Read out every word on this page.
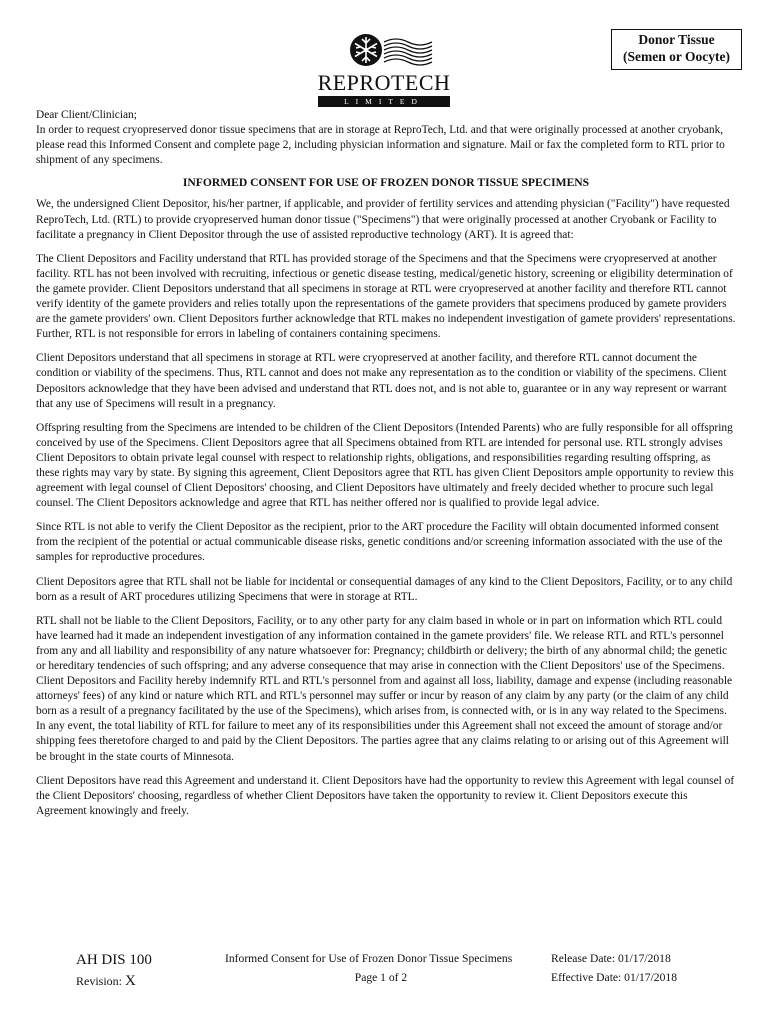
REPROTECH
LIMITED
Donor Tissue
(Semen or Oocyte)

Dear Client/Clinician;

In order to request cryopreserved donor tissue specimens that are in storage at ReproTech, Ltd. and that were originally processed at another cryobank, please read this Informed Consent and complete page 2, including physician information and signature. Mail or fax the completed form to RTL prior to shipment of any specimens.

INFORMED CONSENT FOR USE OF FROZEN DONOR TISSUE SPECIMENS

We, the undersigned Client Depositor, his/her partner, if applicable, and provider of fertility services and attending physician ("Facility") have requested ReproTech, Ltd. (RTL) to provide cryopreserved human donor tissue ("Specimens") that were originally processed at another Cryobank or Facility to facilitate a pregnancy in Client Depositor through the use of assisted reproductive technology (ART). It is agreed that:

The Client Depositors and Facility understand that RTL has provided storage of the Specimens and that the Specimens were cryopreserved at another facility. RTL has not been involved with recruiting, infectious or genetic disease testing, medical/genetic history, screening or eligibility determination of the gamete provider. Client Depositors understand that all specimens in storage at RTL were cryopreserved at another facility and therefore RTL cannot verify identity of the gamete providers and relies totally upon the representations of the gamete providers that specimens produced by gamete providers are the gamete providers' own. Client Depositors further acknowledge that RTL makes no independent investigation of gamete providers' representations. Further, RTL is not responsible for errors in labeling of containers containing specimens.

Client Depositors understand that all specimens in storage at RTL were cryopreserved at another facility, and therefore RTL cannot document the condition or viability of the specimens. Thus, RTL cannot and does not make any representation as to the condition or viability of the specimens. Client Depositors acknowledge that they have been advised and understand that RTL does not, and is not able to, guarantee or in any way represent or warrant that any use of Specimens will result in a pregnancy.

Offspring resulting from the Specimens are intended to be children of the Client Depositors (Intended Parents) who are fully responsible for all offspring conceived by use of the Specimens. Client Depositors agree that all Specimens obtained from RTL are intended for personal use. RTL strongly advises Client Depositors to obtain private legal counsel with respect to relationship rights, obligations, and responsibilities regarding resulting offspring, as these rights may vary by state. By signing this agreement, Client Depositors agree that RTL has given Client Depositors ample opportunity to review this agreement with legal counsel of Client Depositors' choosing, and Client Depositors have ultimately and freely decided whether to procure such legal counsel. The Client Depositors acknowledge and agree that RTL has neither offered nor is qualified to provide legal advice.

Since RTL is not able to verify the Client Depositor as the recipient, prior to the ART procedure the Facility will obtain documented informed consent from the recipient of the potential or actual communicable disease risks, genetic conditions and/or screening information associated with the use of the samples for reproductive procedures.

Client Depositors agree that RTL shall not be liable for incidental or consequential damages of any kind to the Client Depositors, Facility, or to any child born as a result of ART procedures utilizing Specimens that were in storage at RTL.

RTL shall not be liable to the Client Depositors, Facility, or to any other party for any claim based in whole or in part on information which RTL could have learned had it made an independent investigation of any information contained in the gamete providers' file. We release RTL and RTL's personnel from any and all liability and responsibility of any nature whatsoever for: Pregnancy; childbirth or delivery; the birth of any abnormal child; the genetic or hereditary tendencies of such offspring; and any adverse consequence that may arise in connection with the Client Depositors' use of the Specimens. Client Depositors and Facility hereby indemnify RTL and RTL's personnel from and against all loss, liability, damage and expense (including reasonable attorneys' fees) of any kind or nature which RTL and RTL's personnel may suffer or incur by reason of any claim by any party (or the claim of any child born as a result of a pregnancy facilitated by the use of the Specimens), which arises from, is connected with, or is in any way related to the Specimens. In any event, the total liability of RTL for failure to meet any of its responsibilities under this Agreement shall not exceed the amount of storage and/or shipping fees theretofore charged to and paid by the Client Depositors. The parties agree that any claims relating to or arising out of this Agreement will be brought in the state courts of Minnesota.

Client Depositors have read this Agreement and understand it. Client Depositors have had the opportunity to review this Agreement with legal counsel of the Client Depositors' choosing, regardless of whether Client Depositors have taken the opportunity to review it. Client Depositors execute this Agreement knowingly and freely.

AH DIS 100
Revision: X
Informed Consent for Use of Frozen Donor Tissue Specimens
Page 1 of 2
Release Date: 01/17/2018
Effective Date: 01/17/2018
